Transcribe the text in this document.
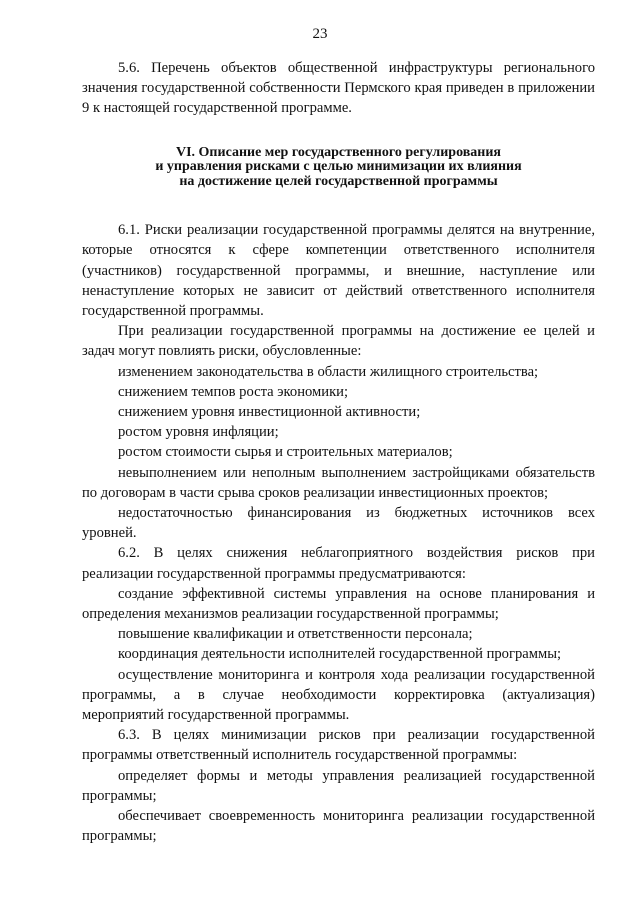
23

5.6. Перечень объектов общественной инфраструктуры регионального значения государственной собственности Пермского края приведен в приложении 9 к настоящей государственной программе.

VI. Описание мер государственного регулирования
и управления рисками с целью минимизации их влияния
на достижение целей государственной программы

6.1. Риски реализации государственной программы делятся на внутренние, которые относятся к сфере компетенции ответственного исполнителя (участников) государственной программы, и внешние, наступление или ненаступление которых не зависит от действий ответственного исполнителя государственной программы.

При реализации государственной программы на достижение ее целей и задач могут повлиять риски, обусловленные:

изменением законодательства в области жилищного строительства;

снижением темпов роста экономики;

снижением уровня инвестиционной активности;

ростом уровня инфляции;

ростом стоимости сырья и строительных материалов;

невыполнением или неполным выполнением застройщиками обязательств по договорам в части срыва сроков реализации инвестиционных проектов;

недостаточностью финансирования из бюджетных источников всех уровней.

6.2. В целях снижения неблагоприятного воздействия рисков при реализации государственной программы предусматриваются:

создание эффективной системы управления на основе планирования и определения механизмов реализации государственной программы;

повышение квалификации и ответственности персонала;

координация деятельности исполнителей государственной программы;

осуществление мониторинга и контроля хода реализации государственной программы, а в случае необходимости корректировка (актуализация) мероприятий государственной программы.

6.3. В целях минимизации рисков при реализации государственной программы ответственный исполнитель государственной программы:

определяет формы и методы управления реализацией государственной программы;

обеспечивает своевременность мониторинга реализации государственной программы;
